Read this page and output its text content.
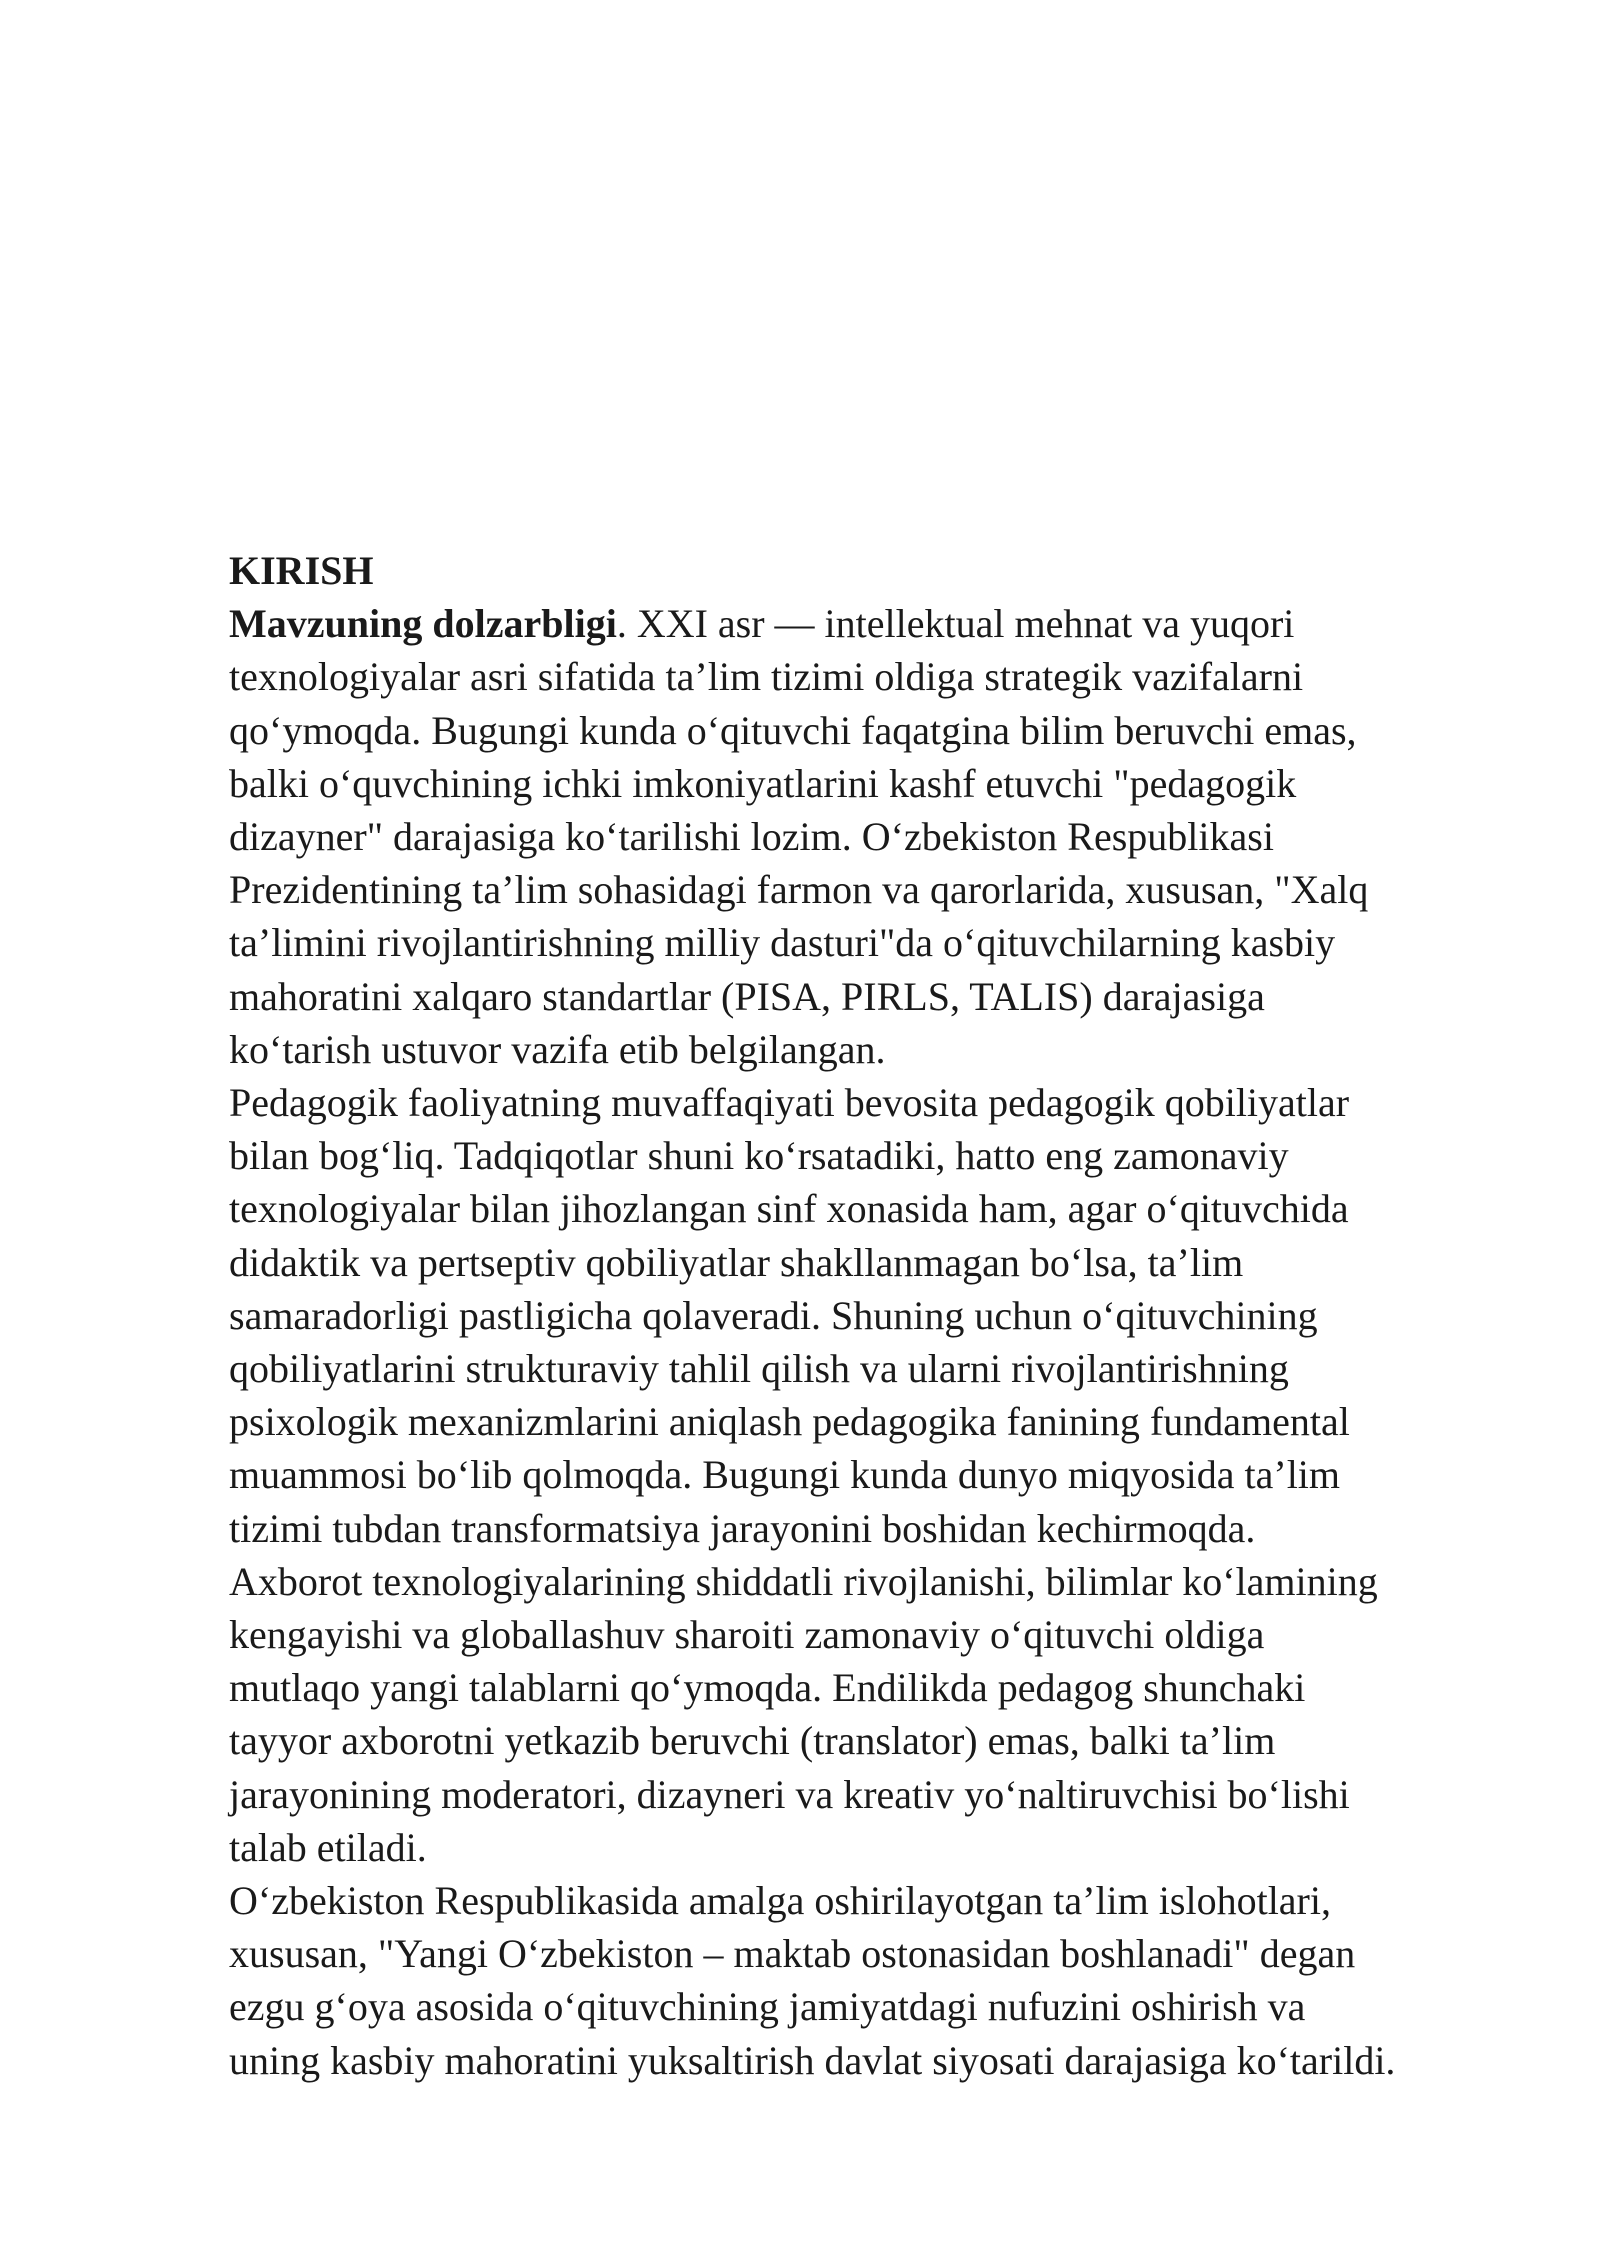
KIRISH
Mavzuning dolzarbligi. XXI asr — intellektual mehnat va yuqori
texnologiyalar asri sifatida ta’lim tizimi oldiga strategik vazifalarni
qo‘ymoqda. Bugungi kunda o‘qituvchi faqatgina bilim beruvchi emas,
balki o‘quvchining ichki imkoniyatlarini kashf etuvchi "pedagogik
dizayner" darajasiga ko‘tarilishi lozim. O‘zbekiston Respublikasi
Prezidentining ta’lim sohasidagi farmon va qarorlarida, xususan, "Xalq
ta’limini rivojlantirishning milliy dasturi"da o‘qituvchilarning kasbiy
mahoratini xalqaro standartlar (PISA, PIRLS, TALIS) darajasiga
ko‘tarish ustuvor vazifa etib belgilangan.
Pedagogik faoliyatning muvaffaqiyati bevosita pedagogik qobiliyatlar
bilan bog‘liq. Tadqiqotlar shuni ko‘rsatadiki, hatto eng zamonaviy
texnologiyalar bilan jihozlangan sinf xonasida ham, agar o‘qituvchida
didaktik va pertseptiv qobiliyatlar shakllanmagan bo‘lsa, ta’lim
samaradorligi pastligicha qolaveradi. Shuning uchun o‘qituvchining
qobiliyatlarini strukturaviy tahlil qilish va ularni rivojlantirishning
psixologik mexanizmlarini aniqlash pedagogika fanining fundamental
muammosi bo‘lib qolmoqda. Bugungi kunda dunyo miqyosida ta’lim
tizimi tubdan transformatsiya jarayonini boshidan kechirmoqda.
Axborot texnologiyalarining shiddatli rivojlanishi, bilimlar ko‘lamining
kengayishi va globallashuv sharoiti zamonaviy o‘qituvchi oldiga
mutlaqo yangi talablarni qo‘ymoqda. Endilikda pedagog shunchaki
tayyor axborotni yetkazib beruvchi (translator) emas, balki ta’lim
jarayonining moderatori, dizayneri va kreativ yo‘naltiruvchisi bo‘lishi
talab etiladi.
O‘zbekiston Respublikasida amalga oshirilayotgan ta’lim islohotlari,
xususan, "Yangi O‘zbekiston – maktab ostonasidan boshlanadi" degan
ezgu g‘oya asosida o‘qituvchining jamiyatdagi nufuzini oshirish va
uning kasbiy mahoratini yuksaltirish davlat siyosati darajasiga ko‘tarildi.
